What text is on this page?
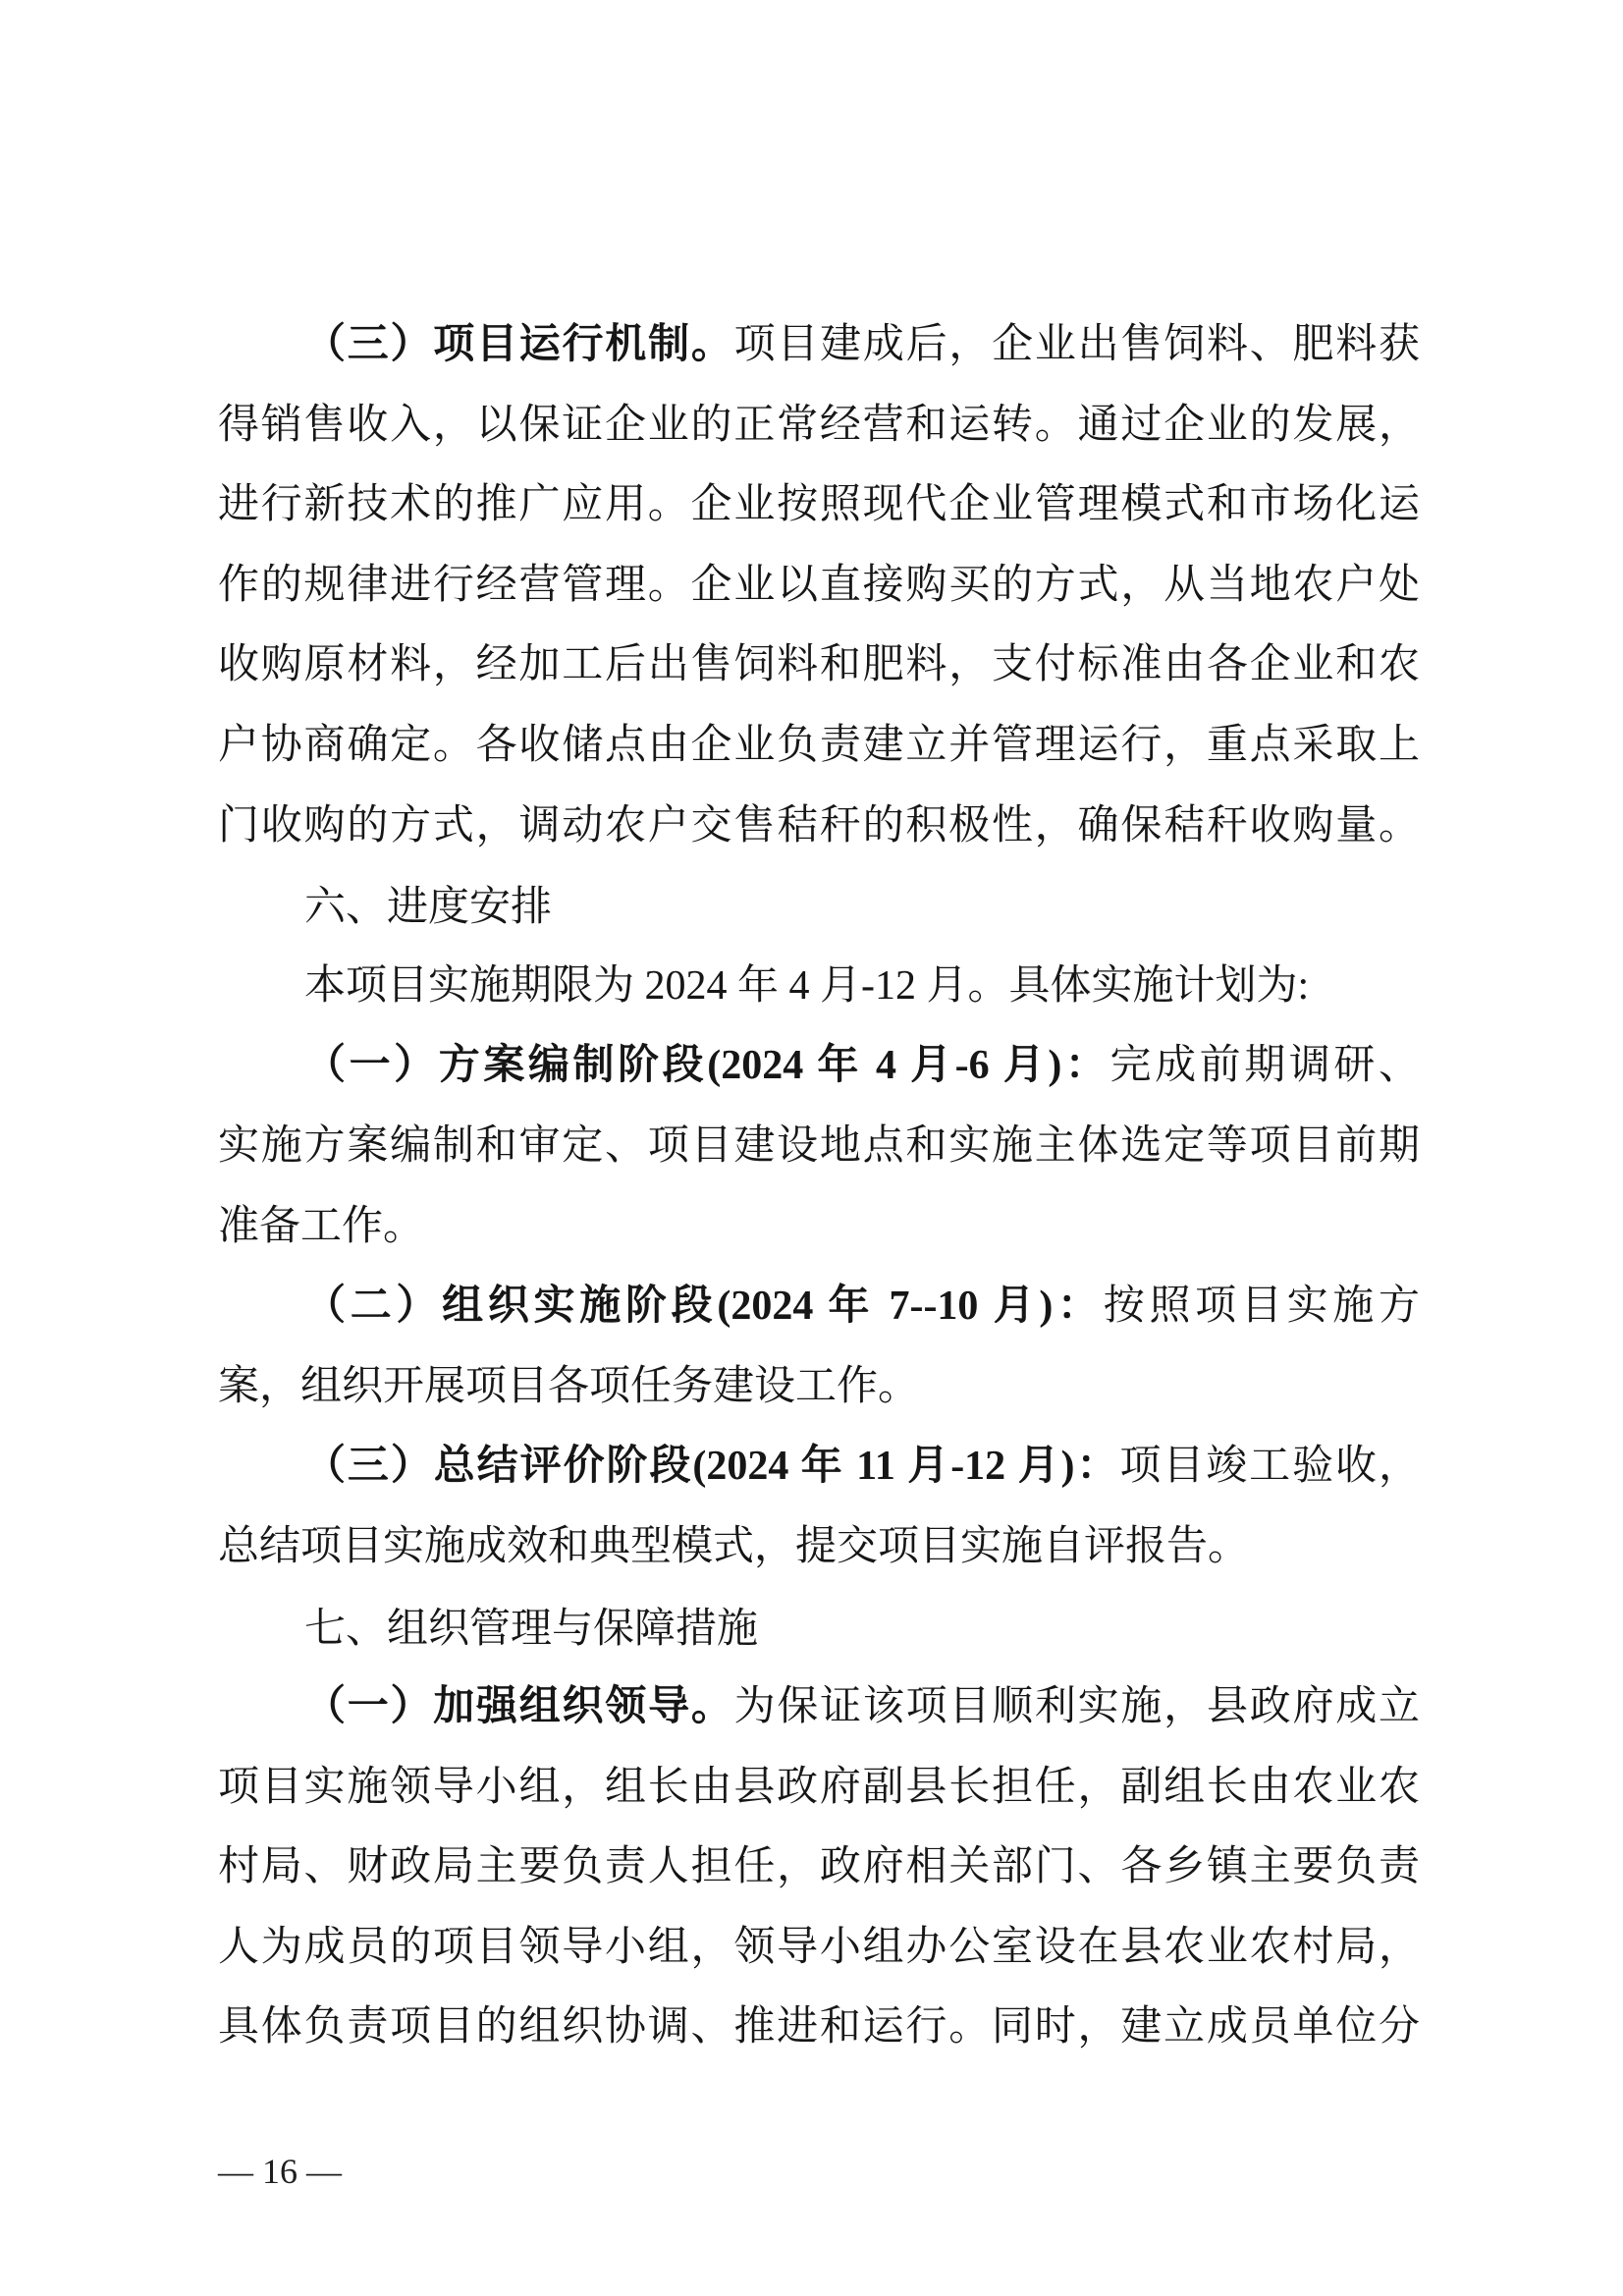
（三）项目运行机制。项目建成后，企业出售饲料、肥料获
得销售收入，以保证企业的正常经营和运转。通过企业的发展，
进行新技术的推广应用。企业按照现代企业管理模式和市场化运
作的规律进行经营管理。企业以直接购买的方式，从当地农户处
收购原材料，经加工后出售饲料和肥料，支付标准由各企业和农
户协商确定。各收储点由企业负责建立并管理运行，重点采取上
门收购的方式，调动农户交售秸秆的积极性，确保秸秆收购量。
六、进度安排
本项目实施期限为 2024 年 4 月-12 月。具体实施计划为:
（一）方案编制阶段(2024 年 4 月-6 月)：完成前期调研、
实施方案编制和审定、项目建设地点和实施主体选定等项目前期
准备工作。
（二）组织实施阶段(2024 年 7--10 月)：按照项目实施方
案，组织开展项目各项任务建设工作。
（三）总结评价阶段(2024 年 11 月-12 月)：项目竣工验收，
总结项目实施成效和典型模式，提交项目实施自评报告。
七、组织管理与保障措施
（一）加强组织领导。为保证该项目顺利实施，县政府成立
项目实施领导小组，组长由县政府副县长担任，副组长由农业农
村局、财政局主要负责人担任，政府相关部门、各乡镇主要负责
人为成员的项目领导小组，领导小组办公室设在县农业农村局，
具体负责项目的组织协调、推进和运行。同时，建立成员单位分
— 16 —
